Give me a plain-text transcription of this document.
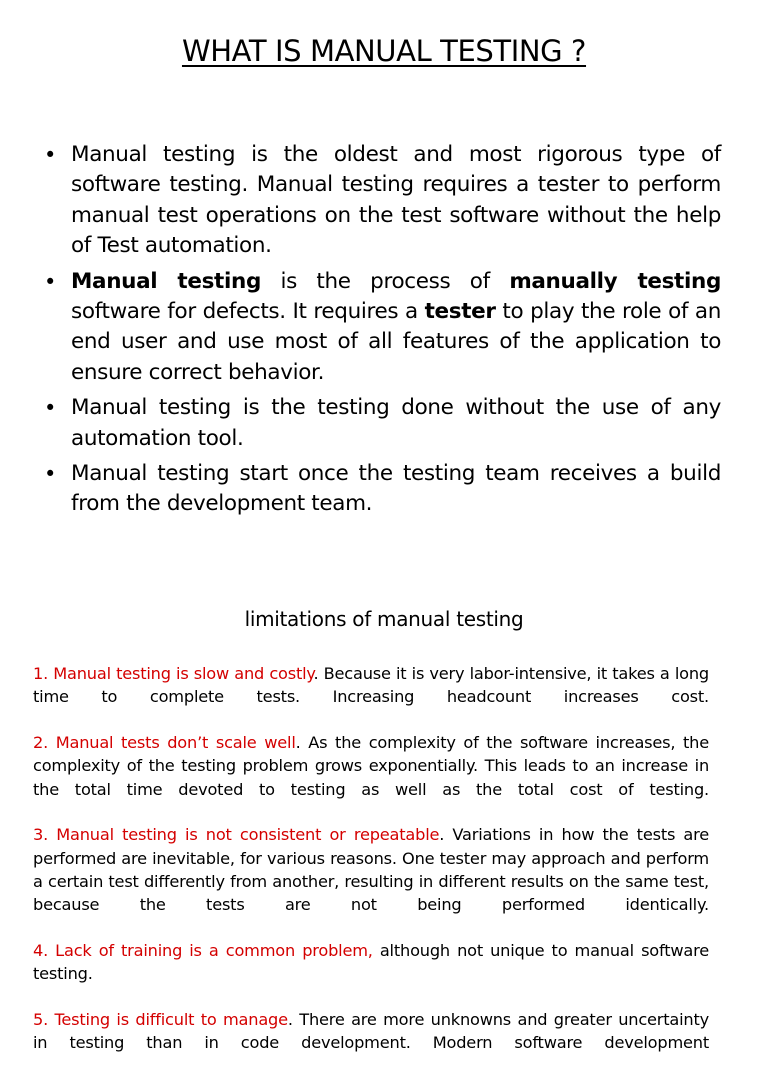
WHAT IS MANUAL TESTING ?
• Manual testing is the oldest and most rigorous type of software testing. Manual testing requires a tester to perform manual test operations on the test software without the help of Test automation.
• Manual testing is the process of manually testing software for defects. It requires a tester to play the role of an end user and use most of all features of the application to ensure correct behavior.
• Manual testing is the testing done without the use of any automation tool.
• Manual testing start once the testing team receives a build from the development team.
limitations of manual testing

1. Manual testing is slow and costly. Because it is very labor-intensive, it takes a long time to complete tests. Increasing headcount increases cost.

2. Manual tests don’t scale well. As the complexity of the software increases, the complexity of the testing problem grows exponentially. This leads to an increase in the total time devoted to testing as well as the total cost of testing.

3. Manual testing is not consistent or repeatable. Variations in how the tests are performed are inevitable, for various reasons. One tester may approach and perform a certain test differently from another, resulting in different results on the same test, because the tests are not being performed identically.

4. Lack of training is a common problem, although not unique to manual software testing.

5. Testing is difficult to manage. There are more unknowns and greater uncertainty in testing than in code development. Modern software development
